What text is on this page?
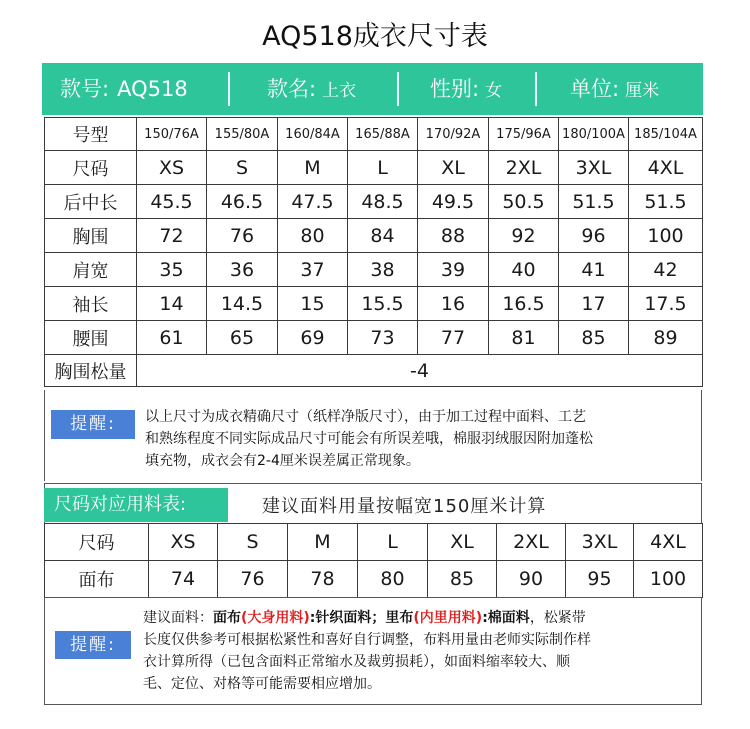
AQ518成衣尺寸表
款号: AQ518	款名: 上衣	性别: 女	单位: 厘米
号型	150/76A	155/80A	160/84A	165/88A	170/92A	175/96A	180/100A	185/104A
尺码	XS	S	M	L	XL	2XL	3XL	4XL
后中长	45.5	46.5	47.5	48.5	49.5	50.5	51.5	51.5
胸围	72	76	80	84	88	92	96	100
肩宽	35	36	37	38	39	40	41	42
袖长	14	14.5	15	15.5	16	16.5	17	17.5
腰围	61	65	69	73	77	81	85	89
胸围松量	-4							
提醒:	以上尺寸为成衣精确尺寸（纸样净版尺寸），由于加工过程中面料、工艺
和熟练程度不同实际成品尺寸可能会有所误差哦，棉服羽绒服因附加蓬松
填充物，成衣会有2-4厘米误差属正常现象。
尺码对应用料表:	建议面料用量按幅宽150厘米计算
尺码	XS	S	M	L	XL	2XL	3XL	4XL
面布	74	76	78	80	85	90	95	100
提醒:
建议面料：面布(大身用料):针织面料；里布(内里用料):棉面料，松紧带
长度仅供参考可根据松紧性和喜好自行调整，布料用量由老师实际制作样
衣计算所得（已包含面料正常缩水及裁剪损耗），如面料缩率较大、顺
毛、定位、对格等可能需要相应增加。
